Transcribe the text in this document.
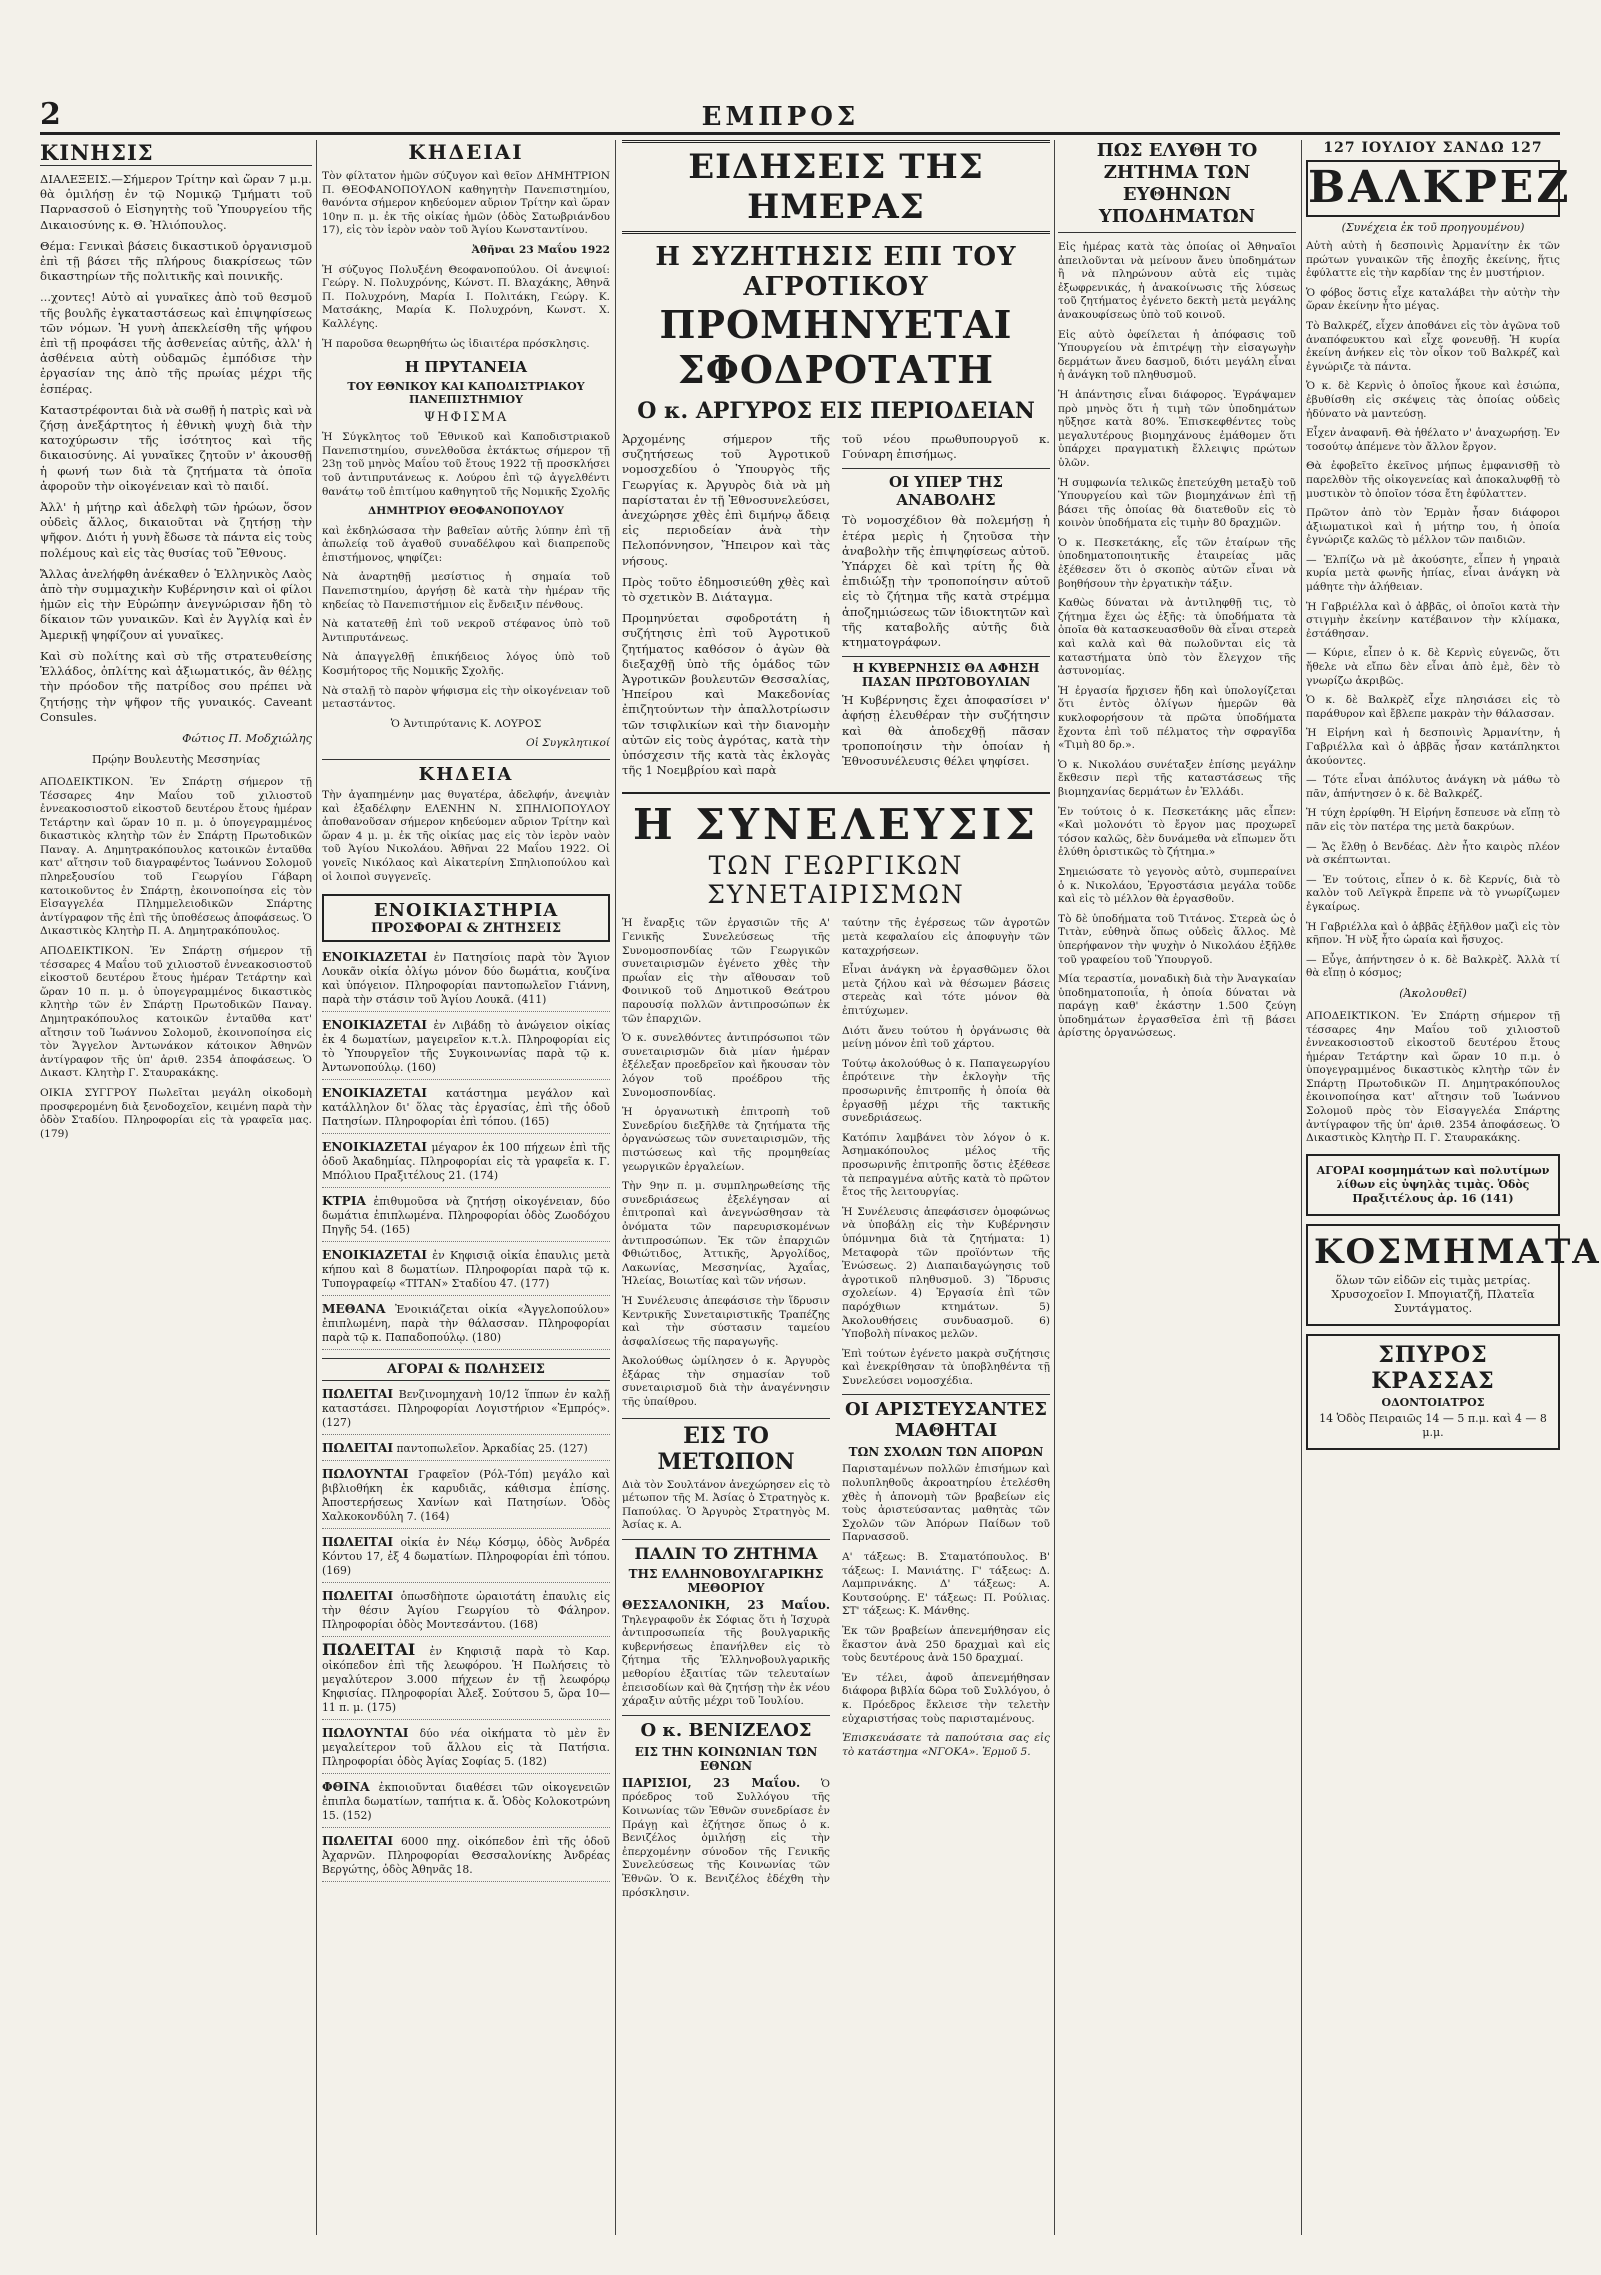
2	ΕΜΠΡΟΣ
ΚΙΝΗΣΙΣ

ΔΙΑΛΕΞΕΙΣ.—Σήμερον Τρίτην καὶ ὥραν 7 μ.μ. θὰ ὁμιλήσῃ ἐν τῷ Νομικῷ Τμήματι τοῦ Παρνασσοῦ ὁ Εἰσηγητὴς τοῦ Ὑπουργείου τῆς Δικαιοσύνης κ. Θ. Ἠλιόπουλος.

Θέμα: Γενικαὶ βάσεις δικαστικοῦ ὀργανισμοῦ ἐπὶ τῇ βάσει τῆς πλήρους διακρίσεως τῶν δικαστηρίων τῆς πολιτικῆς καὶ ποινικῆς.

...χοντες! Αὐτὸ αἱ γυναῖκες ἀπὸ τοῦ θεσμοῦ τῆς βουλῆς ἐγκαταστάσεως καὶ ἐπιψηφίσεως τῶν νόμων. Ἡ γυνὴ ἀπεκλείσθη τῆς ψήφου ἐπὶ τῇ προφάσει τῆς ἀσθενείας αὐτῆς, ἀλλ' ἡ ἀσθένεια αὐτὴ οὐδαμῶς ἐμπόδισε τὴν ἐργασίαν της ἀπὸ τῆς πρωίας μέχρι τῆς ἑσπέρας.

Καταστρέφονται διὰ νὰ σωθῇ ἡ πατρὶς καὶ νὰ ζήσῃ ἀνεξάρτητος ἡ ἐθνικὴ ψυχὴ διὰ τὴν κατοχύρωσιν τῆς ἰσότητος καὶ τῆς δικαιοσύνης. Αἱ γυναῖκες ζητοῦν ν' ἀκουσθῇ ἡ φωνή των διὰ τὰ ζητήματα τὰ ὁποῖα ἀφοροῦν τὴν οἰκογένειαν καὶ τὸ παιδί.

Ἀλλ' ἡ μήτηρ καὶ ἀδελφὴ τῶν ἡρώων, ὅσον οὐδεὶς ἄλλος, δικαιοῦται νὰ ζητήσῃ τὴν ψῆφον. Διότι ἡ γυνὴ ἔδωσε τὰ πάντα εἰς τοὺς πολέμους καὶ εἰς τὰς θυσίας τοῦ Ἔθνους.

Ἄλλας ἀνελήφθη ἀνέκαθεν ὁ Ἑλληνικὸς Λαὸς ἀπὸ τὴν συμμαχικὴν Κυβέρνησιν καὶ οἱ φίλοι ἡμῶν εἰς τὴν Εὐρώπην ἀνεγνώρισαν ἤδη τὸ δίκαιον τῶν γυναικῶν. Καὶ ἐν Ἀγγλίᾳ καὶ ἐν Ἀμερικῇ ψηφίζουν αἱ γυναῖκες.

Καὶ σὺ πολίτης καὶ σὺ τῆς στρατευθείσης Ἑλλάδος, ὁπλίτης καὶ ἀξιωματικός, ἂν θέλῃς τὴν πρόοδον τῆς πατρίδος σου πρέπει νὰ ζητήσῃς τὴν ψῆφον τῆς γυναικός. Caveant Consules.

Φώτιος Π. Μοδχιώλης
Πρῴην Βουλευτὴς Μεσσηνίας

ΑΠΟΔΕΙΚΤΙΚΟΝ. Ἐν Σπάρτῃ σήμερον τῇ Τέσσαρες 4ην Μαΐου τοῦ χιλιοστοῦ ἐννεακοσιοστοῦ εἰκοστοῦ δευτέρου ἔτους ἡμέραν Τετάρτην καὶ ὥραν 10 π. μ. ὁ ὑπογεγραμμένος δικαστικὸς κλητὴρ τῶν ἐν Σπάρτῃ Πρωτοδικῶν Παναγ. Α. Δημητρακόπουλος κατοικῶν ἐνταῦθα κατ' αἴτησιν τοῦ διαγραφέντος Ἰωάννου Σολομοῦ πληρεξουσίου τοῦ Γεωργίου Γάβαρη κατοικοῦντος ἐν Σπάρτῃ, ἐκοινοποίησα εἰς τὸν Εἰσαγγελέα Πλημμελειοδικῶν Σπάρτης ἀντίγραφον τῆς ἐπὶ τῆς ὑποθέσεως ἀποφάσεως. Ὁ Δικαστικὸς Κλητὴρ Π. Α. Δημητρακόπουλος.

ΑΠΟΔΕΙΚΤΙΚΟΝ. Ἐν Σπάρτῃ σήμερον τῇ τέσσαρες 4 Μαΐου τοῦ χιλιοστοῦ ἐννεακοσιοστοῦ εἰκοστοῦ δευτέρου ἔτους ἡμέραν Τετάρτην καὶ ὥραν 10 π. μ. ὁ ὑπογεγραμμένος δικαστικὸς κλητὴρ τῶν ἐν Σπάρτῃ Πρωτοδικῶν Παναγ. Δημητρακόπουλος κατοικῶν ἐνταῦθα κατ' αἴτησιν τοῦ Ἰωάννου Σολομοῦ, ἐκοινοποίησα εἰς τὸν Ἄγγελον Ἀντωνάκον κάτοικον Ἀθηνῶν ἀντίγραφον τῆς ὑπ' ἀριθ. 2354 ἀποφάσεως. Ὁ Δικαστ. Κλητὴρ Γ. Σταυρακάκης.

ΟΙΚΙΑ ΣΥΓΓΡΟΥ Πωλεῖται μεγάλη οἰκοδομὴ προσφερομένη διὰ ξενοδοχεῖον, κειμένη παρὰ τὴν ὁδὸν Σταδίου. Πληροφορίαι εἰς τὰ γραφεῖα μας. (179)

ΚΗΔΕΙΑΙ

Τὸν φίλτατον ἡμῶν σύζυγον καὶ θεῖον ΔΗΜΗΤΡΙΟΝ Π. ΘΕΟΦΑΝΟΠΟΥΛΟΝ καθηγητὴν Πανεπιστημίου, θανόντα σήμερον κηδεύομεν αὔριον Τρίτην καὶ ὥραν 10ην π. μ. ἐκ τῆς οἰκίας ἡμῶν (ὁδὸς Σατωβριάνδου 17), εἰς τὸν ἱερὸν ναὸν τοῦ Ἁγίου Κωνσταντίνου.

Ἀθῆναι 23 Μαΐου 1922

Ἡ σύζυγος Πολυξένη Θεοφανοπούλου. Οἱ ἀνεψιοί: Γεώργ. Ν. Πολυχρόνης, Κώνστ. Π. Βλαχάκης, Ἀθηνᾶ Π. Πολυχρόνη, Μαρία Ι. Πολιτάκη, Γεώργ. Κ. Ματσάκης, Μαρία Κ. Πολυχρόνη, Κωνστ. Χ. Καλλέγης.

Ἡ παροῦσα θεωρηθήτω ὡς ἰδιαιτέρα πρόσκλησις.

Η ΠΡΥΤΑΝΕΙΑ
ΤΟΥ ΕΘΝΙΚΟΥ ΚΑΙ ΚΑΠΟΔΙΣΤΡΙΑΚΟΥ ΠΑΝΕΠΙΣΤΗΜΙΟΥ
ΨΗΦΙΣΜΑ

Ἡ Σύγκλητος τοῦ Ἐθνικοῦ καὶ Καποδιστριακοῦ Πανεπιστημίου, συνελθοῦσα ἐκτάκτως σήμερον τῇ 23ῃ τοῦ μηνὸς Μαΐου τοῦ ἔτους 1922 τῇ προσκλήσει τοῦ ἀντιπρυτάνεως κ. Λούρου ἐπὶ τῷ ἀγγελθέντι θανάτῳ τοῦ ἐπιτίμου καθηγητοῦ τῆς Νομικῆς Σχολῆς

ΔΗΜΗΤΡΙΟΥ ΘΕΟΦΑΝΟΠΟΥΛΟΥ

καὶ ἐκδηλώσασα τὴν βαθεῖαν αὐτῆς λύπην ἐπὶ τῇ ἀπωλείᾳ τοῦ ἀγαθοῦ συναδέλφου καὶ διαπρεποῦς ἐπιστήμονος, ψηφίζει:

Νὰ ἀναρτηθῇ μεσίστιος ἡ σημαία τοῦ Πανεπιστημίου, ἀργήσῃ δὲ κατὰ τὴν ἡμέραν τῆς κηδείας τὸ Πανεπιστήμιον εἰς ἔνδειξιν πένθους.

Νὰ κατατεθῇ ἐπὶ τοῦ νεκροῦ στέφανος ὑπὸ τοῦ Ἀντιπρυτάνεως.

Νὰ ἀπαγγελθῇ ἐπικήδειος λόγος ὑπὸ τοῦ Κοσμήτορος τῆς Νομικῆς Σχολῆς.

Νὰ σταλῇ τὸ παρὸν ψήφισμα εἰς τὴν οἰκογένειαν τοῦ μεταστάντος.

Ὁ Ἀντιπρύτανις Κ. ΛΟΥΡΟΣ

Οἱ Συγκλητικοί

ΚΗΔΕΙΑ

Τὴν ἀγαπημένην μας θυγατέρα, ἀδελφήν, ἀνεψιὰν καὶ ἐξαδέλφην ΕΛΕΝΗΝ Ν. ΣΠΗΛΙΟΠΟΥΛΟΥ ἀποθανοῦσαν σήμερον κηδεύομεν αὔριον Τρίτην καὶ ὥραν 4 μ. μ. ἐκ τῆς οἰκίας μας εἰς τὸν ἱερὸν ναὸν τοῦ Ἁγίου Νικολάου. Ἀθῆναι 22 Μαΐου 1922. Οἱ γονεῖς Νικόλαος καὶ Αἰκατερίνη Σπηλιοπούλου καὶ οἱ λοιποὶ συγγενεῖς.

ΕΝΟΙΚΙΑΣΤΗΡΙΑ
ΠΡΟΣΦΟΡΑΙ & ΖΗΤΗΣΕΙΣ

ΕΝΟΙΚΙΑΖΕΤΑΙ ἐν Πατησίοις παρὰ τὸν Ἅγιον Λουκᾶν οἰκία ὀλίγω μόνον δύο δωμάτια, κουζίνα καὶ ὑπόγειον. Πληροφορίαι παντοπωλεῖον Γιάννη, παρὰ τὴν στάσιν τοῦ Ἁγίου Λουκᾶ. (411)

ΕΝΟΙΚΙΑΖΕΤΑΙ ἐν Λιβάδῃ τὸ ἀνώγειον οἰκίας ἐκ 4 δωματίων, μαγειρεῖον κ.τ.λ. Πληροφορίαι εἰς τὸ Ὑπουργεῖον τῆς Συγκοινωνίας παρὰ τῷ κ. Ἀντωνοπούλῳ. (160)

ΕΝΟΙΚΙΑΖΕΤΑΙ κατάστημα μεγάλον καὶ κατάλληλον δι' ὅλας τὰς ἐργασίας, ἐπὶ τῆς ὁδοῦ Πατησίων. Πληροφορίαι ἐπὶ τόπου. (165)

ΕΝΟΙΚΙΑΖΕΤΑΙ μέγαρον ἐκ 100 πήχεων ἐπὶ τῆς ὁδοῦ Ἀκαδημίας. Πληροφορίαι εἰς τὰ γραφεῖα κ. Γ. Μπόλιου Πραξιτέλους 21. (174)

ΚΤΡΙΑ ἐπιθυμοῦσα νὰ ζητήσῃ οἰκογένειαν, δύο δωμάτια ἐπιπλωμένα. Πληροφορίαι ὁδὸς Ζωοδόχου Πηγῆς 54. (165)

ΕΝΟΙΚΙΑΖΕΤΑΙ ἐν Κηφισιᾷ οἰκία ἐπαυλις μετὰ κήπου καὶ 8 δωματίων. Πληροφορίαι παρὰ τῷ κ. Τυπογραφείῳ «ΤΙΤΑΝ» Σταδίου 47. (177)

ΜΕΘΑΝΑ Ἐνοικιάζεται οἰκία «Ἀγγελοπούλου» ἐπιπλωμένη, παρὰ τὴν θάλασσαν. Πληροφορίαι παρὰ τῷ κ. Παπαδοπούλῳ. (180)

ΑΓΟΡΑΙ & ΠΩΛΗΣΕΙΣ

ΠΩΛΕΙΤΑΙ Βενζινομηχανὴ 10/12 ἵππων ἐν καλῇ καταστάσει. Πληροφορίαι Λογιστήριον «Ἐμπρός». (127)

ΠΩΛΕΙΤΑΙ παντοπωλεῖον. Ἀρκαδίας 25. (127)

ΠΩΛΟΥΝΤΑΙ Γραφεῖον (Ρόλ-Τόπ) μεγάλο καὶ βιβλιοθήκη ἐκ καρυδιᾶς, κάθισμα ἐπίσης. Ἀποστερήσεως Χανίων καὶ Πατησίων. Ὁδὸς Χαλκοκονδύλη 7. (164)

ΠΩΛΕΙΤΑΙ οἰκία ἐν Νέῳ Κόσμῳ, ὁδὸς Ἀνδρέα Κόντου 17, ἐξ 4 δωματίων. Πληροφορίαι ἐπὶ τόπου. (169)

ΠΩΛΕΙΤΑΙ ὁπωσδὴποτε ὡραιοτάτη ἐπαυλις εἰς τὴν θέσιν Ἁγίου Γεωργίου τὸ Φάληρον. Πληροφορίαι ὁδὸς Μοντεσάντου. (168)

ΠΩΛΕΙΤΑΙ ἐν Κηφισιᾷ παρὰ τὸ Καρ. οἰκόπεδον ἐπὶ τῆς λεωφόρου. Ἡ Πωλήσεις τὸ μεγαλύτερον 3.000 πήχεων ἐν τῇ λεωφόρῳ Κηφισίας. Πληροφορίαι Ἀλεξ. Σούτσου 5, ὥρα 10—11 π. μ. (175)

ΠΩΛΟΥΝΤΑΙ δύο νέα οἰκήματα τὸ μὲν ἓν μεγαλείτερον τοῦ ἄλλου εἰς τὰ Πατήσια. Πληροφορίαι ὁδὸς Ἀγίας Σοφίας 5. (182)

ΦΘΙΝΑ ἐκποιοῦνται διαθέσει τῶν οἰκογενειῶν ἐπιπλα δωματίων, ταπήτια κ. ἄ. Ὁδὸς Κολοκοτρώνη 15. (152)

ΠΩΛΕΙΤΑΙ 6000 πηχ. οἰκόπεδον ἐπὶ τῆς ὁδοῦ Ἀχαρνῶν. Πληροφορίαι Θεσσαλονίκης Ἀνδρέας Βεργώτης, ὁδὸς Ἀθηνᾶς 18.

ΕΙΔΗΣΕΙΣ ΤΗΣ ΗΜΕΡΑΣ
Η ΣΥΖΗΤΗΣΙΣ ΕΠΙ ΤΟΥ ΑΓΡΟΤΙΚΟΥ
ΠΡΟΜΗΝΥΕΤΑΙ ΣΦΟΔΡΟΤΑΤΗ
Ο κ. ΑΡΓΥΡΟΣ ΕΙΣ ΠΕΡΙΟΔΕΙΑΝ

Ἀρχομένης σήμερον τῆς συζητήσεως τοῦ Ἀγροτικοῦ νομοσχεδίου ὁ Ὑπουργὸς τῆς Γεωργίας κ. Ἀργυρὸς διὰ νὰ μὴ παρίσταται ἐν τῇ Ἐθνοσυνελεύσει, ἀνεχώρησε χθὲς ἐπὶ διμήνῳ ἄδειᾳ εἰς περιοδείαν ἀνὰ τὴν Πελοπόννησον, Ἤπειρον καὶ τὰς νήσους.

Πρὸς τοῦτο ἐδημοσιεύθη χθὲς καὶ τὸ σχετικὸν Β. Διάταγμα.

Προμηνύεται σφοδροτάτη ἡ συζήτησις ἐπὶ τοῦ Ἀγροτικοῦ ζητήματος καθόσον ὁ ἀγὼν θὰ διεξαχθῇ ὑπὸ τῆς ὁμάδος τῶν Ἀγροτικῶν βουλευτῶν Θεσσαλίας, Ἠπείρου καὶ Μακεδονίας ἐπιζητούντων τὴν ἀπαλλοτρίωσιν τῶν τσιφλικίων καὶ τὴν διανομὴν αὐτῶν εἰς τοὺς ἀγρότας, κατὰ τὴν ὑπόσχεσιν τῆς κατὰ τὰς ἐκλογὰς τῆς 1 Νοεμβρίου καὶ παρὰ

τοῦ νέου πρωθυπουργοῦ κ. Γούναρη ἐπισήμως.

ΟΙ ΥΠΕΡ ΤΗΣ ΑΝΑΒΟΛΗΣ

Τὸ νομοσχέδιον θὰ πολεμήσῃ ἡ ἑτέρα μερὶς ἡ ζητοῦσα τὴν ἀναβολὴν τῆς ἐπιψηφίσεως αὐτοῦ. Ὑπάρχει δὲ καὶ τρίτη ἧς θὰ ἐπιδιώξῃ τὴν τροποποίησιν αὐτοῦ εἰς τὸ ζήτημα τῆς κατὰ στρέμμα ἀποζημιώσεως τῶν ἰδιοκτητῶν καὶ τῆς καταβολῆς αὐτῆς διὰ κτηματογράφων.

Η ΚΥΒΕΡΝΗΣΙΣ ΘΑ ΑΦΗΣΗ ΠΑΣΑΝ ΠΡΩΤΟΒΟΥΛΙΑΝ

Ἡ Κυβέρνησις ἔχει ἀποφασίσει ν' ἀφήσῃ ἐλευθέραν τὴν συζήτησιν καὶ θὰ ἀποδεχθῇ πᾶσαν τροποποίησιν τὴν ὁποίαν ἡ Ἐθνοσυνέλευσις θέλει ψηφίσει.

Η ΣΥΝΕΛΕΥΣΙΣ
ΤΩΝ ΓΕΩΡΓΙΚΩΝ ΣΥΝΕΤΑΙΡΙΣΜΩΝ

Ἡ ἔναρξις τῶν ἐργασιῶν τῆς Α' Γενικῆς Συνελεύσεως τῆς Συνομοσπονδίας τῶν Γεωργικῶν συνεταιρισμῶν ἐγένετο χθὲς τὴν πρωΐαν εἰς τὴν αἴθουσαν τοῦ Φοινικοῦ τοῦ Δημοτικοῦ Θεάτρου παρουσίᾳ πολλῶν ἀντιπροσώπων ἐκ τῶν ἐπαρχιῶν.

Ὁ κ. συνελθόντες ἀντιπρόσωποι τῶν συνεταιρισμῶν διὰ μίαν ἡμέραν ἐξέλεξαν προεδρεῖον καὶ ἤκουσαν τὸν λόγον τοῦ προέδρου τῆς Συνομοσπονδίας.

Ἡ ὀργανωτικὴ ἐπιτροπὴ τοῦ Συνεδρίου διεξῆλθε τὰ ζητήματα τῆς ὀργανώσεως τῶν συνεταιρισμῶν, τῆς πιστώσεως καὶ τῆς προμηθείας γεωργικῶν ἐργαλείων.

Τὴν 9ην π. μ. συμπληρωθείσης τῆς συνεδριάσεως ἐξελέγησαν αἱ ἐπιτροπαὶ καὶ ἀνεγνώσθησαν τὰ ὀνόματα τῶν παρευρισκομένων ἀντιπροσώπων. Ἐκ τῶν ἐπαρχιῶν Φθιώτιδος, Ἀττικῆς, Ἀργολίδος, Λακωνίας, Μεσσηνίας, Ἀχαΐας, Ἠλείας, Βοιωτίας καὶ τῶν νήσων.

Ἡ Συνέλευσις ἀπεφάσισε τὴν ἵδρυσιν Κεντρικῆς Συνεταιριστικῆς Τραπέζης καὶ τὴν σύστασιν ταμείου ἀσφαλίσεως τῆς παραγωγῆς.

Ἀκολούθως ὡμίλησεν ὁ κ. Ἀργυρὸς ἐξάρας τὴν σημασίαν τοῦ συνεταιρισμοῦ διὰ τὴν ἀναγέννησιν τῆς ὑπαίθρου.

ΕΙΣ ΤΟ ΜΕΤΩΠΟΝ

Διὰ τὸν Σουλτάνον ἀνεχώρησεν εἰς τὸ μέτωπον τῆς Μ. Ἀσίας ὁ Στρατηγὸς κ. Παπούλας. Ὁ Ἀργυρὸς Στρατηγὸς Μ. Ἀσίας κ. Α.

ΠΑΛΙΝ ΤΟ ΖΗΤΗΜΑ
ΤΗΣ ΕΛΛΗΝΟΒΟΥΛΓΑΡΙΚΗΣ ΜΕΘΟΡΙΟΥ

ΘΕΣΣΑΛΟΝΙΚΗ, 23 Μαΐου. Τηλεγραφοῦν ἐκ Σόφιας ὅτι ἡ Ἰσχυρὰ ἀντιπροσωπεία τῆς βουλγαρικῆς κυβερνήσεως ἐπανήλθεν εἰς τὸ ζήτημα τῆς Ἑλληνοβουλγαρικῆς μεθορίου ἐξαιτίας τῶν τελευταίων ἐπεισοδίων καὶ θὰ ζητήσῃ τὴν ἐκ νέου χάραξιν αὐτῆς μέχρι τοῦ Ἰουλίου.

Ο κ. ΒΕΝΙΖΕΛΟΣ
ΕΙΣ ΤΗΝ ΚΟΙΝΩΝΙΑΝ ΤΩΝ ΕΘΝΩΝ

ΠΑΡΙΣΙΟΙ, 23 Μαΐου. Ὁ πρόεδρος τοῦ Συλλόγου τῆς Κοινωνίας τῶν Ἐθνῶν συνεδρίασε ἐν Πράγῃ καὶ ἐζήτησε ὅπως ὁ κ. Βενιζέλος ὁμιλήσῃ εἰς τὴν ἐπερχομένην σύνοδον τῆς Γενικῆς Συνελεύσεως τῆς Κοινωνίας τῶν Ἐθνῶν. Ὁ κ. Βενιζέλος ἐδέχθη τὴν πρόσκλησιν.

ταύτην τῆς ἐγέρσεως τῶν ἀγροτῶν μετὰ κεφαλαίου εἰς ἀποφυγὴν τῶν καταχρήσεων.

Εἶναι ἀνάγκη νὰ ἐργασθῶμεν ὅλοι μετὰ ζήλου καὶ νὰ θέσωμεν βάσεις στερεὰς καὶ τότε μόνον θὰ ἐπιτύχωμεν.

Διότι ἄνευ τούτου ἡ ὀργάνωσις θὰ μείνῃ μόνον ἐπὶ τοῦ χάρτου.

Τούτῳ ἀκολούθως ὁ κ. Παπαγεωργίου ἐπρότεινε τὴν ἐκλογὴν τῆς προσωρινῆς ἐπιτροπῆς ἡ ὁποία θὰ ἐργασθῇ μέχρι τῆς τακτικῆς συνεδριάσεως.

Κατόπιν λαμβάνει τὸν λόγον ὁ κ. Ἀσημακόπουλος μέλος τῆς προσωρινῆς ἐπιτροπῆς ὅστις ἐξέθεσε τὰ πεπραγμένα αὐτῆς κατὰ τὸ πρῶτον ἔτος τῆς λειτουργίας.

Ἡ Συνέλευσις ἀπεφάσισεν ὁμοφώνως νὰ ὑποβάλῃ εἰς τὴν Κυβέρνησιν ὑπόμνημα διὰ τὰ ζητήματα: 1) Μεταφορὰ τῶν προϊόντων τῆς Ἑνώσεως. 2) Διαπαιδαγώγησις τοῦ ἀγροτικοῦ πληθυσμοῦ. 3) Ἵδρυσις σχολείων. 4) Ἐργασία ἐπὶ τῶν παρόχθιων κτημάτων. 5) Ἀκολουθήσεις συνδυασμοῦ. 6) Ὑποβολὴ πίνακος μελῶν.

Ἐπὶ τούτων ἐγένετο μακρὰ συζήτησις καὶ ἐνεκρίθησαν τὰ ὑποβληθέντα τῇ Συνελεύσει νομοσχέδια.

ΟΙ ΑΡΙΣΤΕΥΣΑΝΤΕΣ ΜΑΘΗΤΑΙ
ΤΩΝ ΣΧΟΛΩΝ ΤΩΝ ΑΠΟΡΩΝ

Παρισταμένων πολλῶν ἐπισήμων καὶ πολυπληθοῦς ἀκροατηρίου ἐτελέσθη χθὲς ἡ ἀπονομὴ τῶν βραβείων εἰς τοὺς ἀριστεύσαντας μαθητὰς τῶν Σχολῶν τῶν Ἀπόρων Παίδων τοῦ Παρνασσοῦ.

Α' τάξεως: Β. Σταματόπουλος. Β' τάξεως: Ι. Μανιάτης. Γ' τάξεως: Δ. Λαμπρινάκης. Δ' τάξεως: Α. Κουτσούρης. Ε' τάξεως: Π. Ρούλιας. ΣΤ' τάξεως: Κ. Μάνθης.

Ἐκ τῶν βραβείων ἀπενεμήθησαν εἰς ἕκαστον ἀνὰ 250 δραχμαὶ καὶ εἰς τοὺς δευτέρους ἀνὰ 150 δραχμαί.

Ἐν τέλει, ἀφοῦ ἀπενεμήθησαν διάφορα βιβλία δῶρα τοῦ Συλλόγου, ὁ κ. Πρόεδρος ἔκλεισε τὴν τελετὴν εὐχαριστήσας τοὺς παρισταμένους.

Ἐπισκευάσατε τὰ παπούτσια σας εἰς τὸ κατάστημα «ΝΓΟΚΑ». Ἐρμοῦ 5.

ΠΩΣ ΕΛΥΘΗ ΤΟ ΖΗΤΗΜΑ ΤΩΝ ΕΥΘΗΝΩΝ ΥΠΟΔΗΜΑΤΩΝ

Εἰς ἡμέρας κατὰ τὰς ὁποίας οἱ Ἀθηναῖοι ἀπειλοῦνται νὰ μείνουν ἄνευ ὑποδημάτων ἢ νὰ πληρώνουν αὐτὰ εἰς τιμὰς ἐξωφρενικάς, ἡ ἀνακοίνωσις τῆς λύσεως τοῦ ζητήματος ἐγένετο δεκτὴ μετὰ μεγάλης ἀνακουφίσεως ὑπὸ τοῦ κοινοῦ.

Εἰς αὐτὸ ὀφείλεται ἡ ἀπόφασις τοῦ Ὑπουργείου νὰ ἐπιτρέψῃ τὴν εἰσαγωγὴν δερμάτων ἄνευ δασμοῦ, διότι μεγάλη εἶναι ἡ ἀνάγκη τοῦ πληθυσμοῦ.

Ἡ ἀπάντησις εἶναι διάφορος. Ἐγράψαμεν πρὸ μηνὸς ὅτι ἡ τιμὴ τῶν ὑποδημάτων ηὔξησε κατὰ 80%. Ἐπισκεφθέντες τοὺς μεγαλυτέρους βιομηχάνους ἐμάθομεν ὅτι ὑπάρχει πραγματικὴ ἔλλειψις πρώτων ὑλῶν.

Ἡ συμφωνία τελικῶς ἐπετεύχθη μεταξὺ τοῦ Ὑπουργείου καὶ τῶν βιομηχάνων ἐπὶ τῇ βάσει τῆς ὁποίας θὰ διατεθοῦν εἰς τὸ κοινὸν ὑποδήματα εἰς τιμὴν 80 δραχμῶν.

Ὁ κ. Πεσκετάκης, εἷς τῶν ἑταίρων τῆς ὑποδηματοποιητικῆς ἑταιρείας μᾶς ἐξέθεσεν ὅτι ὁ σκοπὸς αὐτῶν εἶναι νὰ βοηθήσουν τὴν ἐργατικὴν τάξιν.

Καθὼς δύναται νὰ ἀντιληφθῇ τις, τὸ ζήτημα ἔχει ὡς ἑξῆς: τὰ ὑποδήματα τὰ ὁποῖα θὰ κατασκευασθοῦν θὰ εἶναι στερεὰ καὶ καλὰ καὶ θὰ πωλοῦνται εἰς τὰ καταστήματα ὑπὸ τὸν ἔλεγχον τῆς ἀστυνομίας.

Ἡ ἐργασία ἤρχισεν ἤδη καὶ ὑπολογίζεται ὅτι ἐντὸς ὀλίγων ἡμερῶν θὰ κυκλοφορήσουν τὰ πρῶτα ὑποδήματα ἔχοντα ἐπὶ τοῦ πέλματος τὴν σφραγῖδα «Τιμὴ 80 δρ.».

Ὁ κ. Νικολάου συνέταξεν ἐπίσης μεγάλην ἔκθεσιν περὶ τῆς καταστάσεως τῆς βιομηχανίας δερμάτων ἐν Ἑλλάδι.

Ἐν τούτοις ὁ κ. Πεσκετάκης μᾶς εἶπεν: «Καὶ μολονότι τὸ ἔργον μας προχωρεῖ τόσον καλῶς, δὲν δυνάμεθα νὰ εἴπωμεν ὅτι ἐλύθη ὁριστικῶς τὸ ζήτημα.»

Σημειώσατε τὸ γεγονὸς αὐτὸ, συμπεραίνει ὁ κ. Νικολάου, Ἐργοστάσια μεγάλα τοῦδε καὶ εἰς τὸ μέλλον θὰ ἐργασθοῦν.

Τὸ δὲ ὑποδήματα τοῦ Τιτάνος. Στερεὰ ὡς ὁ Τιτὰν, εὐθηνὰ ὅπως οὐδεὶς ἄλλος. Μὲ ὑπερήφανον τὴν ψυχὴν ὁ Νικολάου ἐξῆλθε τοῦ γραφείου τοῦ Ὑπουργοῦ.

Μία τεραστία, μοναδικὴ διὰ τὴν Ἀναγκαίαν ὑποδηματοποιΐα, ἡ ὁποία δύναται νὰ παράγῃ καθ' ἑκάστην 1.500 ζεύγη ὑποδημάτων ἐργασθεῖσα ἐπὶ τῇ βάσει ἀρίστης ὀργανώσεως.

127 ΙΟΥΛΙΟΥ ΣΑΝΔΩ 127
ΒΑΛΚΡΕΖ
(Συνέχεια ἐκ τοῦ προηγουμένου)

Αὐτὴ αὐτὴ ἡ δεσποινὶς Ἀρμανίτην ἐκ τῶν πρώτων γυναικῶν τῆς ἐποχῆς ἐκείνης, ἥτις ἐφύλαττε εἰς τὴν καρδίαν της ἐν μυστήριον.

Ὁ φόβος ὅστις εἶχε καταλάβει τὴν αὐτὴν τὴν ὥραν ἐκείνην ἦτο μέγας.

Τὸ Βαλκρέζ, εἶχεν ἀποθάνει εἰς τὸν ἀγῶνα τοῦ ἀναπόφευκτου καὶ εἶχε φονευθῇ. Ἡ κυρία ἐκείνη ἀνήκεν εἰς τὸν οἶκον τοῦ Βαλκρέζ καὶ ἐγνώριζε τὰ πάντα.

Ὁ κ. δὲ Κερνὶς ὁ ὁποῖος ἦκουε καὶ ἐσιώπα, ἐβυθίσθη εἰς σκέψεις τὰς ὁποίας οὐδεὶς ἠδύνατο νὰ μαντεύσῃ.

Εἶχεν ἀναφανῆ. Θὰ ἠθέλατο ν' ἀναχωρήσῃ. Ἐν τοσούτῳ ἀπέμενε τὸν ἄλλον ἔργον.

Θὰ ἐφοβεῖτο ἐκεῖνος μήπως ἐμφανισθῇ τὸ παρελθὸν τῆς οἰκογενείας καὶ ἀποκαλυφθῇ τὸ μυστικὸν τὸ ὁποῖον τόσα ἔτη ἐφύλαττεν.

Πρῶτον ἀπὸ τὸν Ἐρμὰν ἦσαν διάφοροι ἀξιωματικοὶ καὶ ἡ μήτηρ του, ἡ ὁποία ἐγνώριζε καλῶς τὸ μέλλον τῶν παιδιῶν.

— Ἐλπίζω νὰ μὲ ἀκούσητε, εἶπεν ἡ γηραιὰ κυρία μετὰ φωνῆς ἠπίας, εἶναι ἀνάγκη νὰ μάθητε τὴν ἀλήθειαν.

Ἡ Γαβριέλλα καὶ ὁ ἀββᾶς, οἱ ὁποῖοι κατὰ τὴν στιγμὴν ἐκείνην κατέβαινον τὴν κλίμακα, ἐστάθησαν.

— Κύριε, εἶπεν ὁ κ. δὲ Κερνὶς εὐγενῶς, ὅτι ἤθελε νὰ εἴπω δὲν εἶναι ἀπὸ ἐμὲ, δὲν τὸ γνωρίζω ἀκριβῶς.

Ὁ κ. δὲ Βαλκρὲζ εἶχε πλησιάσει εἰς τὸ παράθυρον καὶ ἔβλεπε μακρὰν τὴν θάλασσαν.

Ἡ Εἰρήνη καὶ ἡ δεσποινὶς Ἀρμανίτην, ἡ Γαβριέλλα καὶ ὁ ἀββᾶς ἦσαν κατάπληκτοι ἀκούοντες.

— Τότε εἶναι ἀπόλυτος ἀνάγκη νὰ μάθω τὸ πᾶν, ἀπήντησεν ὁ κ. δὲ Βαλκρέζ.

Ἡ τύχη ἐρρίφθη. Ἡ Εἰρήνη ἔσπευσε νὰ εἴπῃ τὸ πᾶν εἰς τὸν πατέρα της μετὰ δακρύων.

— Ἄς ἔλθῃ ὁ Βενδέας. Δὲν ἦτο καιρὸς πλέον νὰ σκέπτωνται.

— Ἐν τούτοις, εἶπεν ὁ κ. δὲ Κερνίς, διὰ τὸ καλὸν τοῦ Λεϊγκρὰ ἔπρεπε νὰ τὸ γνωρίζωμεν ἐγκαίρως.

Ἡ Γαβριέλλα καὶ ὁ ἀββᾶς ἐξῆλθον μαζὶ εἰς τὸν κῆπον. Ἡ νὺξ ἦτο ὡραία καὶ ἤσυχος.

— Εὖγε, ἀπήντησεν ὁ κ. δὲ Βαλκρὲζ. Ἀλλὰ τί θὰ εἴπῃ ὁ κόσμος;

(Ἀκολουθεῖ)

ΑΠΟΔΕΙΚΤΙΚΟΝ. Ἐν Σπάρτῃ σήμερον τῇ τέσσαρες 4ην Μαΐου τοῦ χιλιοστοῦ ἐννεακοσιοστοῦ εἰκοστοῦ δευτέρου ἔτους ἡμέραν Τετάρτην καὶ ὥραν 10 π.μ. ὁ ὑπογεγραμμένος δικαστικὸς κλητὴρ τῶν ἐν Σπάρτῃ Πρωτοδικῶν Π. Δημητρακόπουλος ἐκοινοποίησα κατ' αἴτησιν τοῦ Ἰωάννου Σολομοῦ πρὸς τὸν Εἰσαγγελέα Σπάρτης ἀντίγραφον τῆς ὑπ' ἀριθ. 2354 ἀποφάσεως. Ὁ Δικαστικὸς Κλητὴρ Π. Γ. Σταυρακάκης.

ΑΓΟΡΑΙ κοσμημάτων καὶ πολυτίμων λίθων εἰς ὑψηλὰς τιμὰς. Ὁδὸς Πραξιτέλους ἀρ. 16 (141)

ΚΟΣΜΗΜΑΤΑ

ὅλων τῶν εἰδῶν εἰς τιμὰς μετρίας. Χρυσοχοεῖον Ι. Μπογιατζῆ, Πλατεῖα Συντάγματος.

ΣΠΥΡΟΣ ΚΡΑΣΣΑΣ

ΟΔΟΝΤΟΙΑΤΡΟΣ

14 Ὁδὸς Πειραιῶς 14 — 5 π.μ. καὶ 4 — 8 μ.μ.
